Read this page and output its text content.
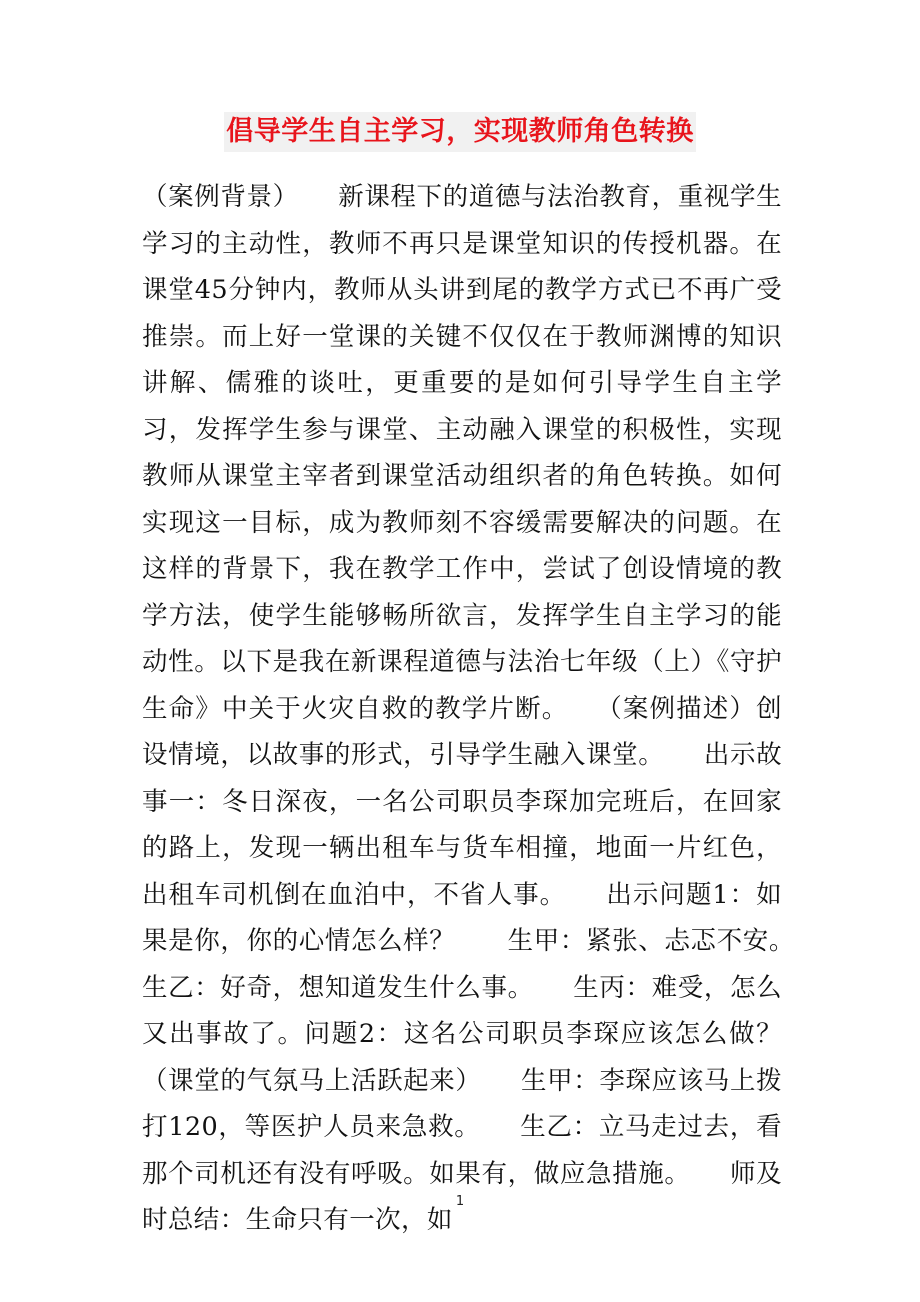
倡导学生自主学习，实现教师角色转换

（案例背景）　　新课程下的道德与法治教育，重视学生学习的主动性，教师不再只是课堂知识的传授机器。在课堂45分钟内，教师从头讲到尾的教学方式已不再广受推崇。而上好一堂课的关键不仅仅在于教师渊博的知识讲解、儒雅的谈吐，更重要的是如何引导学生自主学习，发挥学生参与课堂、主动融入课堂的积极性，实现教师从课堂主宰者到课堂活动组织者的角色转换。如何实现这一目标，成为教师刻不容缓需要解决的问题。在这样的背景下，我在教学工作中，尝试了创设情境的教学方法，使学生能够畅所欲言，发挥学生自主学习的能动性。以下是我在新课程道德与法治七年级（上）《守护生命》中关于火灾自救的教学片断。　　（案例描述）创设情境，以故事的形式，引导学生融入课堂。　　出示故事一：冬日深夜，一名公司职员李琛加完班后，在回家的路上，发现一辆出租车与货车相撞，地面一片红色，出租车司机倒在血泊中，不省人事。　　出示问题1：如果是你，你的心情怎么样？　　生甲：紧张、忐忑不安。　　生乙：好奇，想知道发生什么事。　　生丙：难受，怎么又出事故了。问题2：这名公司职员李琛应该怎么做？（课堂的气氛马上活跃起来）　　生甲：李琛应该马上拨打120，等医护人员来急救。　　生乙：立马走过去，看那个司机还有没有呼吸。如果有，做应急措施。　　师及时总结：生命只有一次，如

1
